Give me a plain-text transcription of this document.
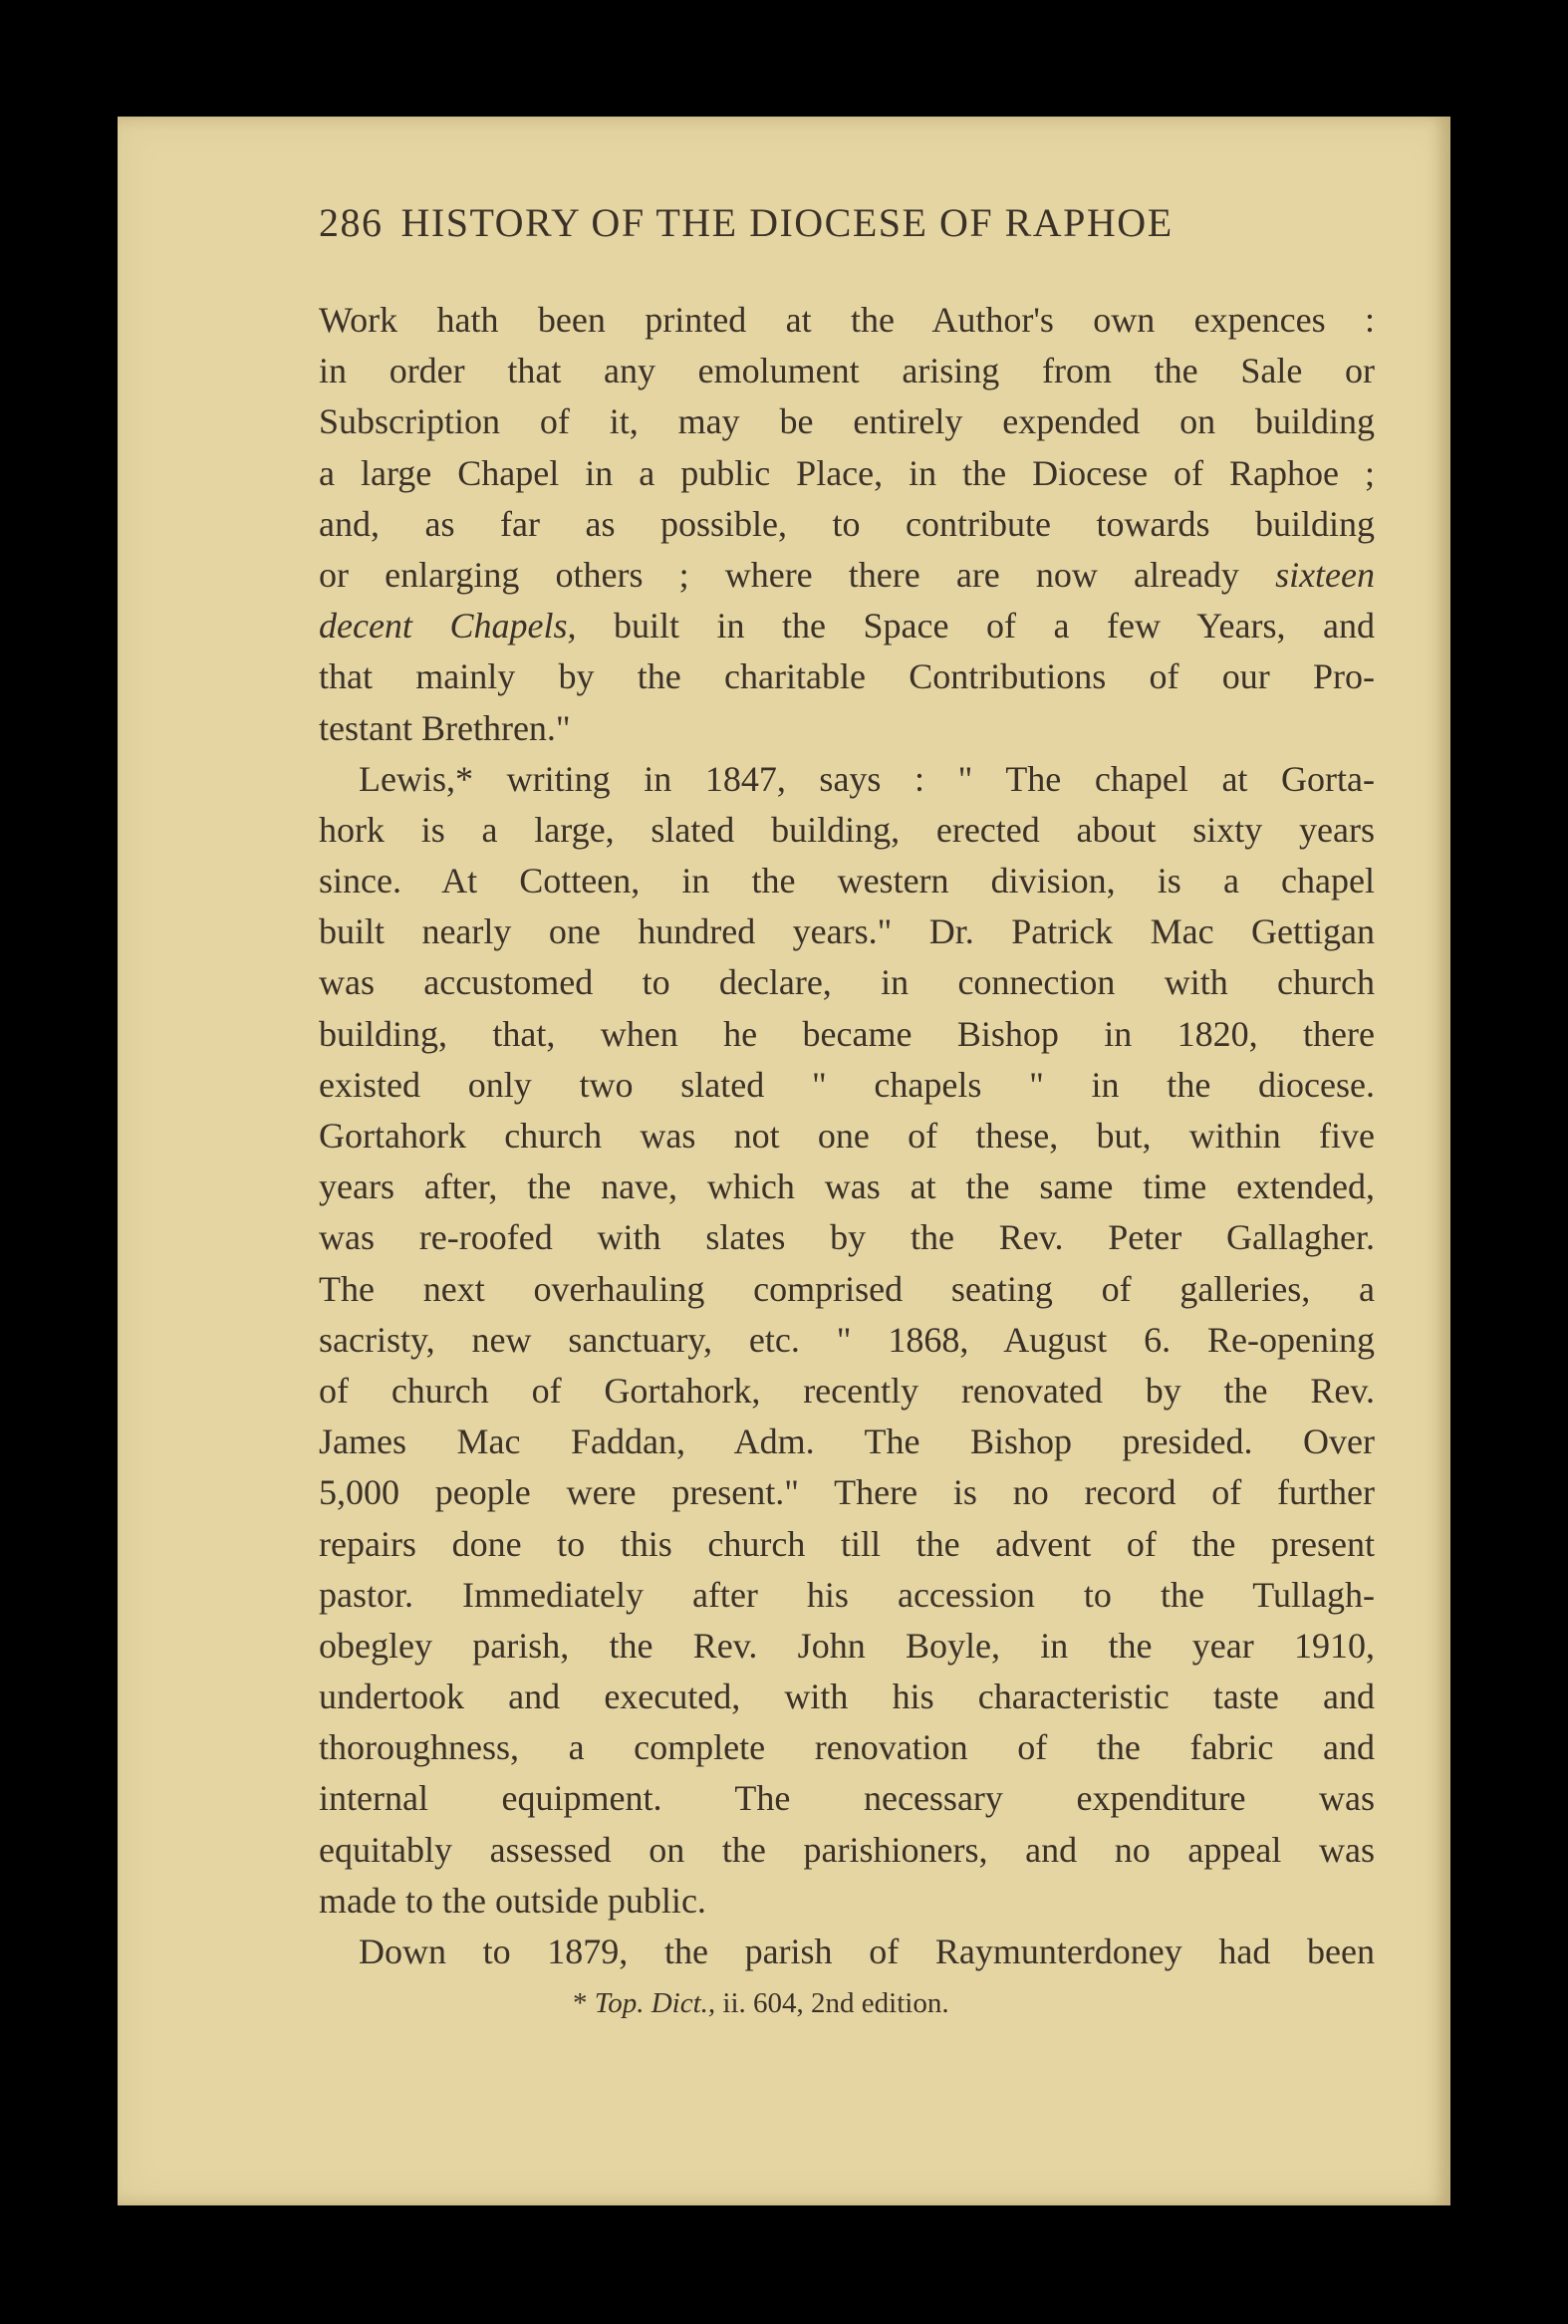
286 HISTORY OF THE DIOCESE OF RAPHOE
Work hath been printed at the Author's own expences :
in order that any emolument arising from the Sale or
Subscription of it, may be entirely expended on building
a large Chapel in a public Place, in the Diocese of Raphoe ;
and, as far as possible, to contribute towards building
or enlarging others ; where there are now already sixteen
decent Chapels, built in the Space of a few Years, and
that mainly by the charitable Contributions of our Pro-
testant Brethren."
Lewis,* writing in 1847, says : " The chapel at Gorta-
hork is a large, slated building, erected about sixty years
since. At Cotteen, in the western division, is a chapel
built nearly one hundred years." Dr. Patrick Mac Gettigan
was accustomed to declare, in connection with church
building, that, when he became Bishop in 1820, there
existed only two slated " chapels " in the diocese.
Gortahork church was not one of these, but, within five
years after, the nave, which was at the same time extended,
was re-roofed with slates by the Rev. Peter Gallagher.
The next overhauling comprised seating of galleries, a
sacristy, new sanctuary, etc. " 1868, August 6. Re-opening
of church of Gortahork, recently renovated by the Rev.
James Mac Faddan, Adm. The Bishop presided. Over
5,000 people were present." There is no record of further
repairs done to this church till the advent of the present
pastor. Immediately after his accession to the Tullagh-
obegley parish, the Rev. John Boyle, in the year 1910,
undertook and executed, with his characteristic taste and
thoroughness, a complete renovation of the fabric and
internal equipment. The necessary expenditure was
equitably assessed on the parishioners, and no appeal was
made to the outside public.
Down to 1879, the parish of Raymunterdoney had been
* Top. Dict., ii. 604, 2nd edition.
